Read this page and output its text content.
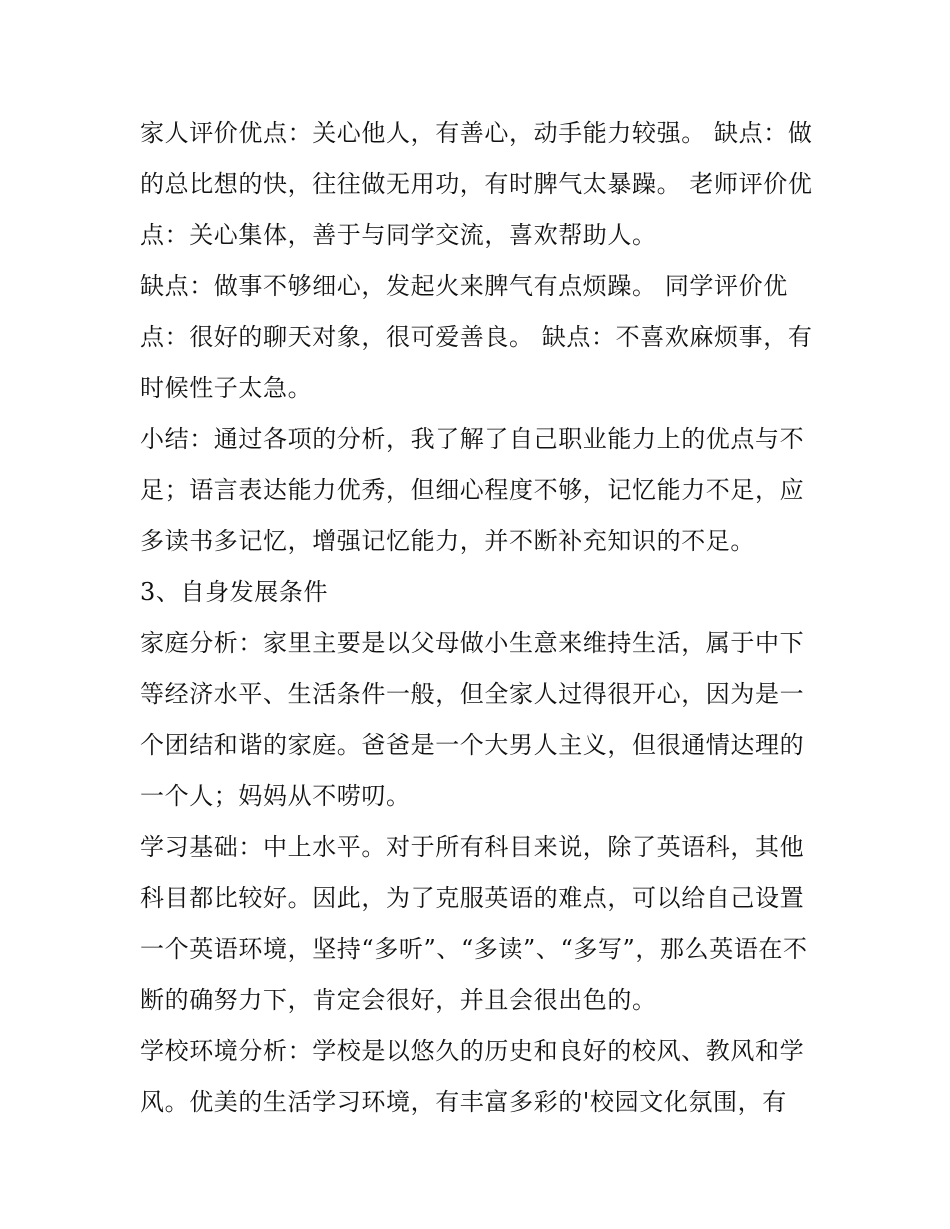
家人评价优点：关心他人，有善心，动手能力较强。 缺点：做的总比想的快，往往做无用功，有时脾气太暴躁。 老师评价优点：关心集体，善于与同学交流，喜欢帮助人。

缺点：做事不够细心，发起火来脾气有点烦躁。 同学评价优点：很好的聊天对象，很可爱善良。 缺点：不喜欢麻烦事，有时候性子太急。

小结：通过各项的分析，我了解了自己职业能力上的优点与不足；语言表达能力优秀，但细心程度不够，记忆能力不足，应多读书多记忆，增强记忆能力，并不断补充知识的不足。

3、自身发展条件

家庭分析：家里主要是以父母做小生意来维持生活，属于中下等经济水平、生活条件一般，但全家人过得很开心，因为是一个团结和谐的家庭。爸爸是一个大男人主义，但很通情达理的一个人；妈妈从不唠叨。

学习基础：中上水平。对于所有科目来说，除了英语科，其他科目都比较好。因此，为了克服英语的难点，可以给自己设置一个英语环境，坚持“多听”、“多读”、“多写”，那么英语在不断的确努力下，肯定会很好，并且会很出色的。

学校环境分析：学校是以悠久的历史和良好的校风、教风和学风。优美的生活学习环境，有丰富多彩的'校园文化氛围，有
